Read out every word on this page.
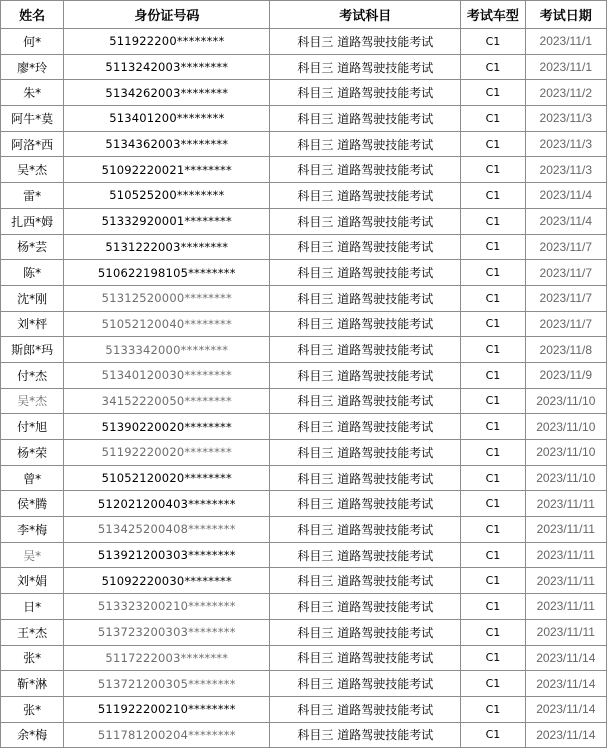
姓名	身份证号码	考试科目	考试车型	考试日期
何*	511922200********	科目三 道路驾驶技能考试	C1	2023/11/1
廖*玲	5113242003********	科目三 道路驾驶技能考试	C1	2023/11/1
朱*	5134262003********	科目三 道路驾驶技能考试	C1	2023/11/2
阿牛*莫	513401200********	科目三 道路驾驶技能考试	C1	2023/11/3
阿洛*西	5134362003********	科目三 道路驾驶技能考试	C1	2023/11/3
吴*杰	51092220021********	科目三 道路驾驶技能考试	C1	2023/11/3
雷*	510525200********	科目三 道路驾驶技能考试	C1	2023/11/4
扎西*姆	51332920001********	科目三 道路驾驶技能考试	C1	2023/11/4
杨*芸	5131222003********	科目三 道路驾驶技能考试	C1	2023/11/7
陈*	510622198105********	科目三 道路驾驶技能考试	C1	2023/11/7
沈*刚	51312520000********	科目三 道路驾驶技能考试	C1	2023/11/7
刘*枰	51052120040********	科目三 道路驾驶技能考试	C1	2023/11/7
斯郎*玛	5133342000********	科目三 道路驾驶技能考试	C1	2023/11/8
付*杰	51340120030********	科目三 道路驾驶技能考试	C1	2023/11/9
吴*杰	34152220050********	科目三 道路驾驶技能考试	C1	2023/11/10
付*旭	51390220020********	科目三 道路驾驶技能考试	C1	2023/11/10
杨*荣	51192220020********	科目三 道路驾驶技能考试	C1	2023/11/10
曾*	51052120020********	科目三 道路驾驶技能考试	C1	2023/11/10
侯*腾	512021200403********	科目三 道路驾驶技能考试	C1	2023/11/11
李*梅	513425200408********	科目三 道路驾驶技能考试	C1	2023/11/11
吴*	513921200303********	科目三 道路驾驶技能考试	C1	2023/11/11
刘*娟	51092220030********	科目三 道路驾驶技能考试	C1	2023/11/11
日*	513323200210********	科目三 道路驾驶技能考试	C1	2023/11/11
王*杰	513723200303********	科目三 道路驾驶技能考试	C1	2023/11/11
张*	5117222003********	科目三 道路驾驶技能考试	C1	2023/11/14
靳*淋	513721200305********	科目三 道路驾驶技能考试	C1	2023/11/14
张*	511922200210********	科目三 道路驾驶技能考试	C1	2023/11/14
余*梅	511781200204********	科目三 道路驾驶技能考试	C1	2023/11/14
